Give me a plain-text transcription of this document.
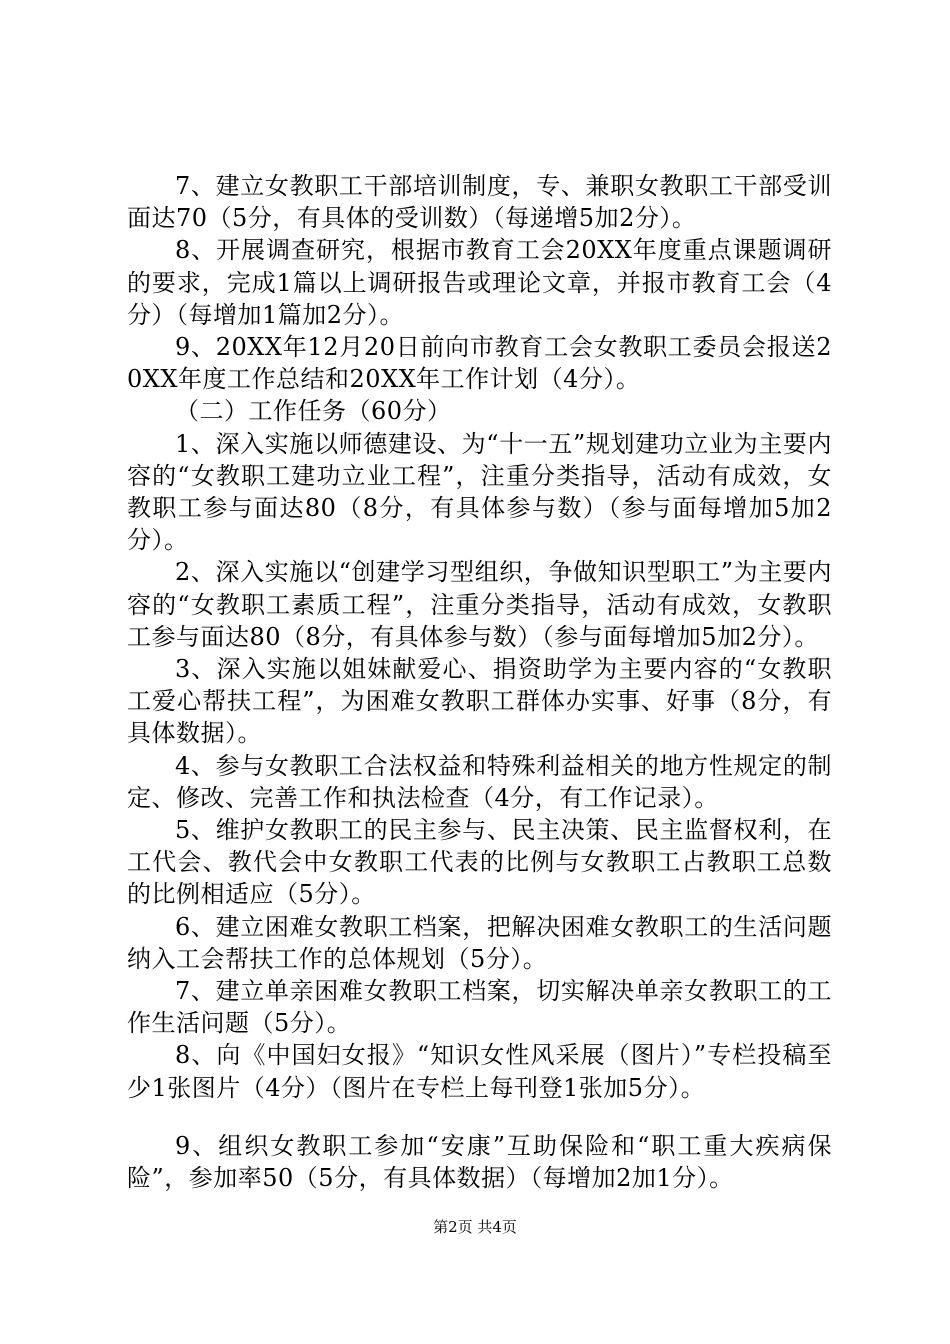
7、建立女教职工干部培训制度，专、兼职女教职工干部受训面达70（5分，有具体的受训数）（每递增5加2分）。

8、开展调查研究，根据市教育工会20XX年度重点课题调研的要求，完成1篇以上调研报告或理论文章，并报市教育工会（4分）（每增加1篇加2分）。

9、20XX年12月20日前向市教育工会女教职工委员会报送20XX年度工作总结和20XX年工作计划（4分）。

（二）工作任务（60分）

1、深入实施以师德建设、为“十一五”规划建功立业为主要内容的“女教职工建功立业工程”，注重分类指导，活动有成效，女教职工参与面达80（8分，有具体参与数）（参与面每增加5加2分）。

2、深入实施以“创建学习型组织，争做知识型职工”为主要内容的“女教职工素质工程”，注重分类指导，活动有成效，女教职工参与面达80（8分，有具体参与数）（参与面每增加5加2分）。

3、深入实施以姐妹献爱心、捐资助学为主要内容的“女教职工爱心帮扶工程”，为困难女教职工群体办实事、好事（8分，有具体数据）。

4、参与女教职工合法权益和特殊利益相关的地方性规定的制定、修改、完善工作和执法检查（4分，有工作记录）。

5、维护女教职工的民主参与、民主决策、民主监督权利，在工代会、教代会中女教职工代表的比例与女教职工占教职工总数的比例相适应（5分）。

6、建立困难女教职工档案，把解决困难女教职工的生活问题纳入工会帮扶工作的总体规划（5分）。

7、建立单亲困难女教职工档案，切实解决单亲女教职工的工作生活问题（5分）。

8、向《中国妇女报》“知识女性风采展（图片）”专栏投稿至少1张图片（4分）（图片在专栏上每刊登1张加5分）。

9、组织女教职工参加“安康”互助保险和“职工重大疾病保险”，参加率50（5分，有具体数据）（每增加2加1分）。

第2页 共4页
